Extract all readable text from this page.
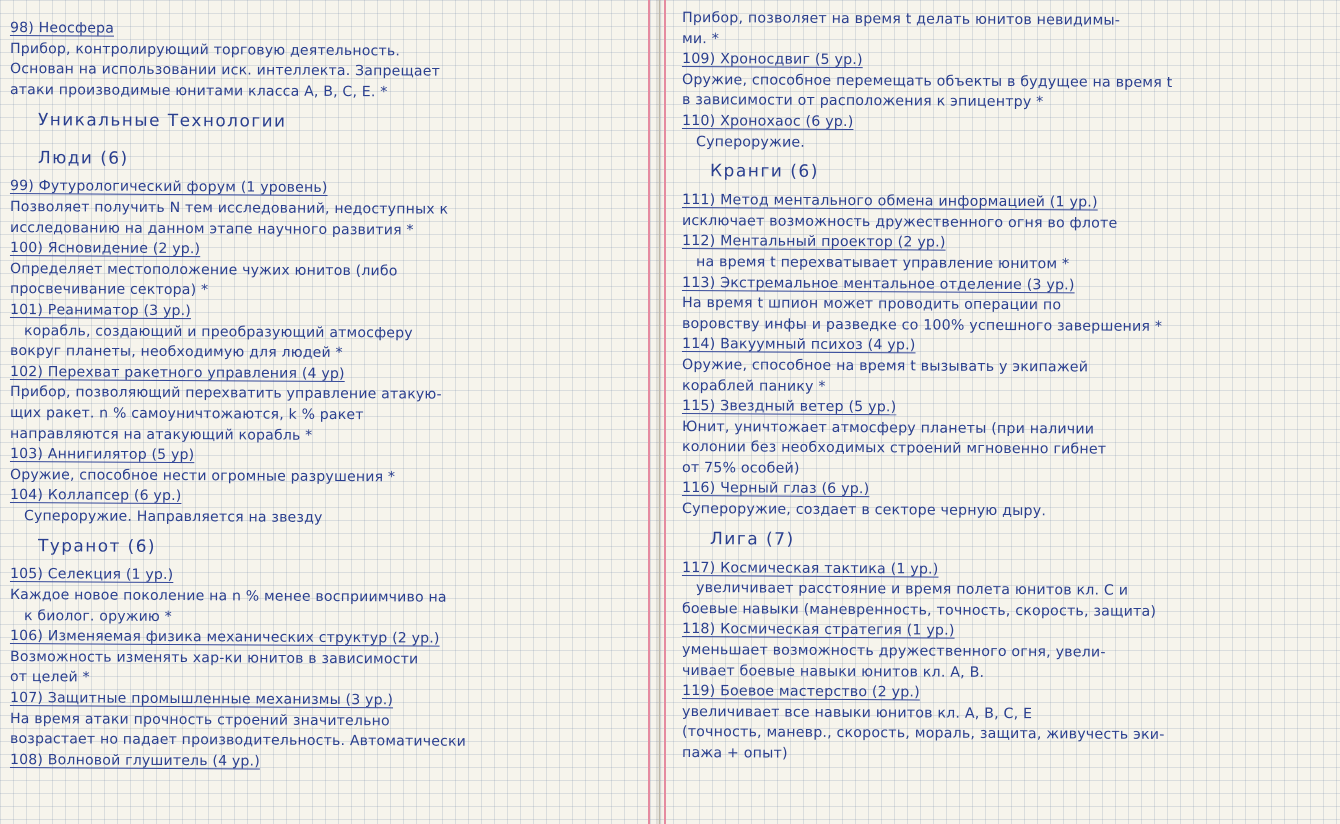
98) Неосфера
Прибор, контролирующий торговую деятельность.
Основан на использовании иск. интеллекта. Запрещает
атаки производимые юнитами класса A, B, C, E. *
Уникальные Технологии
Люди (6)
99) Футурологический форум (1 уровень)
Позволяет получить N тем исследований, недоступных к
исследованию на данном этапе научного развития *
100) Ясновидение (2 ур.)
Определяет местоположение чужих юнитов (либо
просвечивание сектора) *
101) Реаниматор (3 ур.)
корабль, создающий и преобразующий атмосферу
вокруг планеты, необходимую для людей *
102) Перехват ракетного управления (4 ур)
Прибор, позволяющий перехватить управление атакую-
щих ракет. n % самоуничтожаются, k % ракет
направляются на атакующий корабль *
103) Аннигилятор (5 ур)
Оружие, способное нести огромные разрушения *
104) Коллапсер (6 ур.)
Супероружие. Направляется на звезду
Туранот (6)
105) Селекция (1 ур.)
Каждое новое поколение на n % менее восприимчиво на
к биолог. оружию *
106) Изменяемая физика механических структур (2 ур.)
Возможность изменять хар-ки юнитов в зависимости
от целей *
107) Защитные промышленные механизмы (3 ур.)
На время атаки прочность строений значительно
возрастает но падает производительность. Автоматически
108) Волновой глушитель (4 ур.)
Прибор, позволяет на время t делать юнитов невидимы-
ми. *
109) Хроносдвиг (5 ур.)
Оружие, способное перемещать объекты в будущее на время t
в зависимости от расположения к эпицентру *
110) Хронохаос (6 ур.)
Супероружие.
Кранги (6)
111) Метод ментального обмена информацией (1 ур.)
исключает возможность дружественного огня во флоте
112) Ментальный проектор (2 ур.)
на время t перехватывает управление юнитом *
113) Экстремальное ментальное отделение (3 ур.)
На время t шпион может проводить операции по
воровству инфы и разведке со 100% успешного завершения *
114) Вакуумный психоз (4 ур.)
Оружие, способное на время t вызывать у экипажей
кораблей панику *
115) Звездный ветер (5 ур.)
Юнит, уничтожает атмосферу планеты (при наличии
колонии без необходимых строений мгновенно гибнет
от 75% особей)
116) Черный глаз (6 ур.)
Супероружие, создает в секторе черную дыру.
Лига (7)
117) Космическая тактика (1 ур.)
увеличивает расстояние и время полета юнитов кл. С и
боевые навыки (маневренность, точность, скорость, защита)
118) Космическая стратегия (1 ур.)
уменьшает возможность дружественного огня, увели-
чивает боевые навыки юнитов кл. A, B.
119) Боевое мастерство (2 ур.)
увеличивает все навыки юнитов кл. A, B, C, E
(точность, маневр., скорость, мораль, защита, живучесть эки-
пажа + опыт)
